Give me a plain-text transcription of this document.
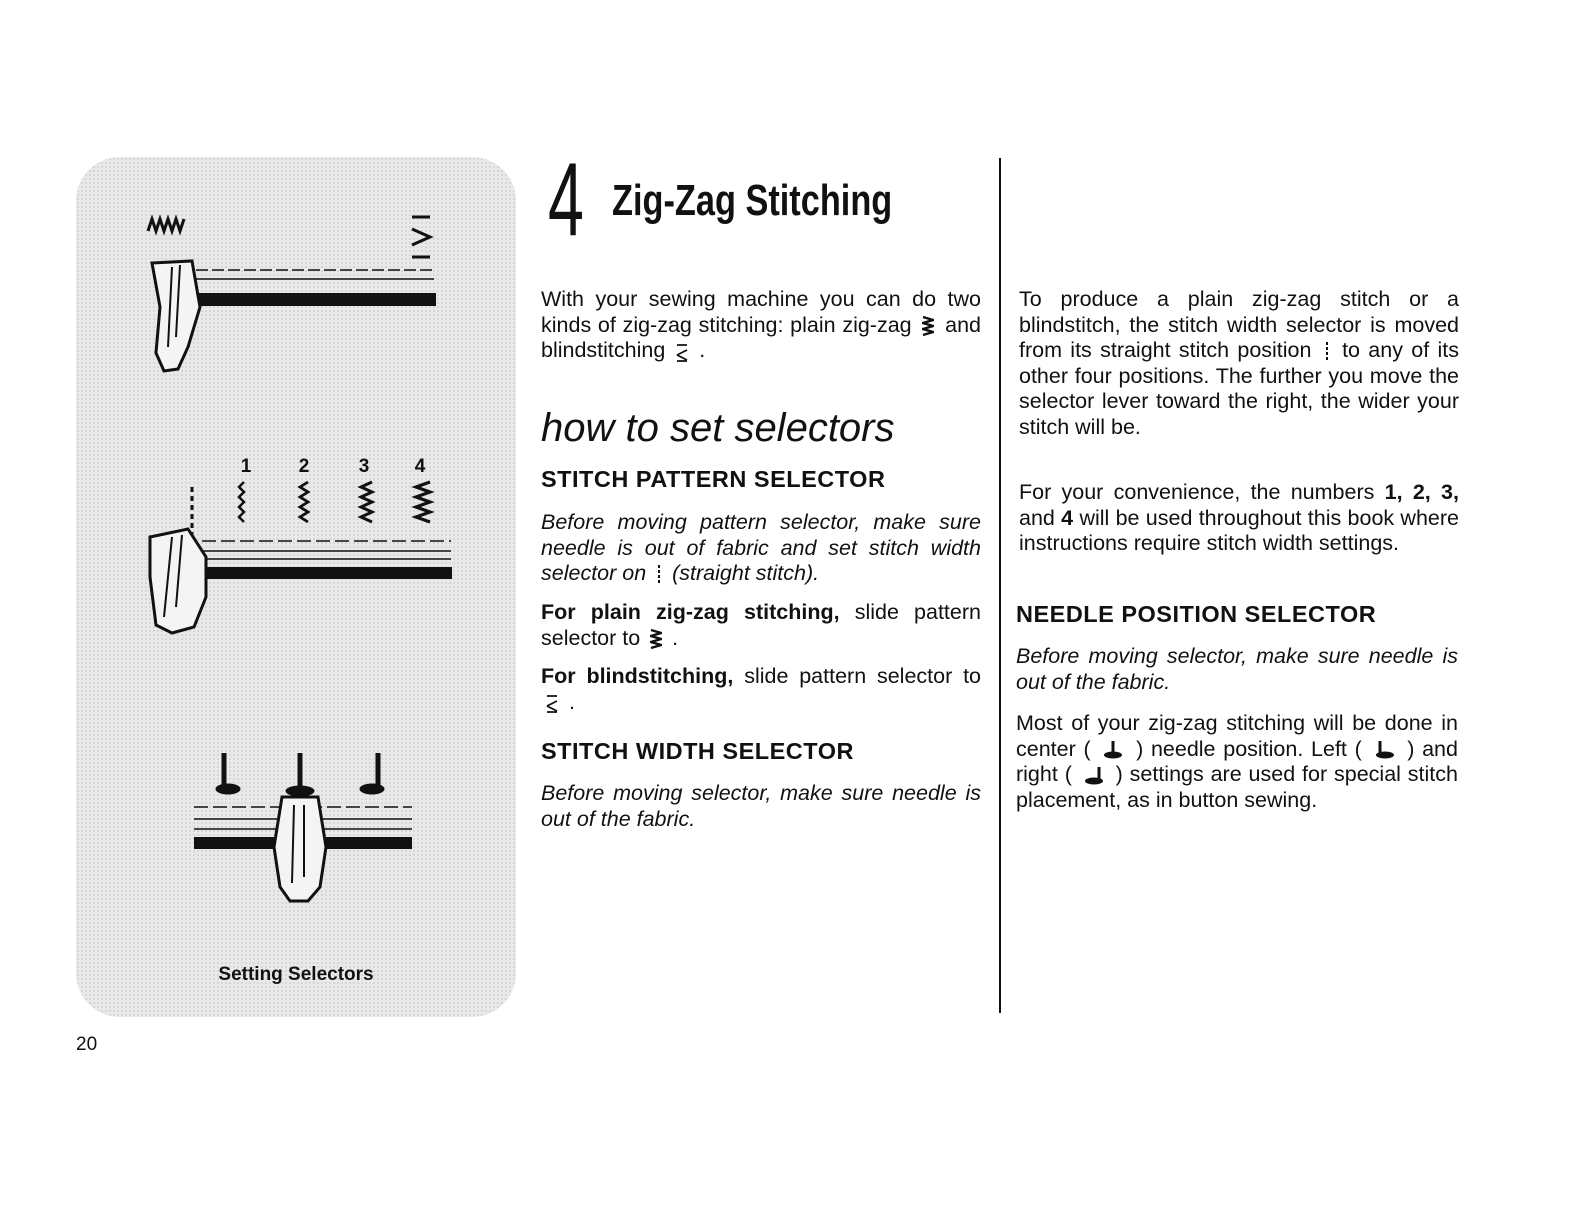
1 2	3 4
Setting Selectors
20
4 Zig-Zag Stitching

With your sewing machine you can do two kinds of zig-zag stitching: plain zig-zag and blindstitching .

how to set selectors
STITCH PATTERN SELECTOR

Before moving pattern selector, make sure needle is out of fabric and set stitch width selector on (straight stitch).

For plain zig-zag stitching, slide pattern selector to .

For blindstitching, slide pattern selector to
.

STITCH WIDTH SELECTOR

Before moving selector, make sure needle is out of the fabric.

To produce a plain zig-zag stitch or a blindstitch, the stitch width selector is moved from its straight stitch position to any of its other four positions. The further you move the selector lever toward the right, the wider your stitch will be.

For your convenience, the numbers 1, 2, 3, and 4 will be used throughout this book where instructions require stitch width settings.

NEEDLE POSITION SELECTOR

Before moving selector, make sure needle is out of the fabric.

Most of your zig-zag stitching will be done in center ( ) needle position. Left ( ) and right ( ) settings are used for special stitch placement, as in button sewing.
